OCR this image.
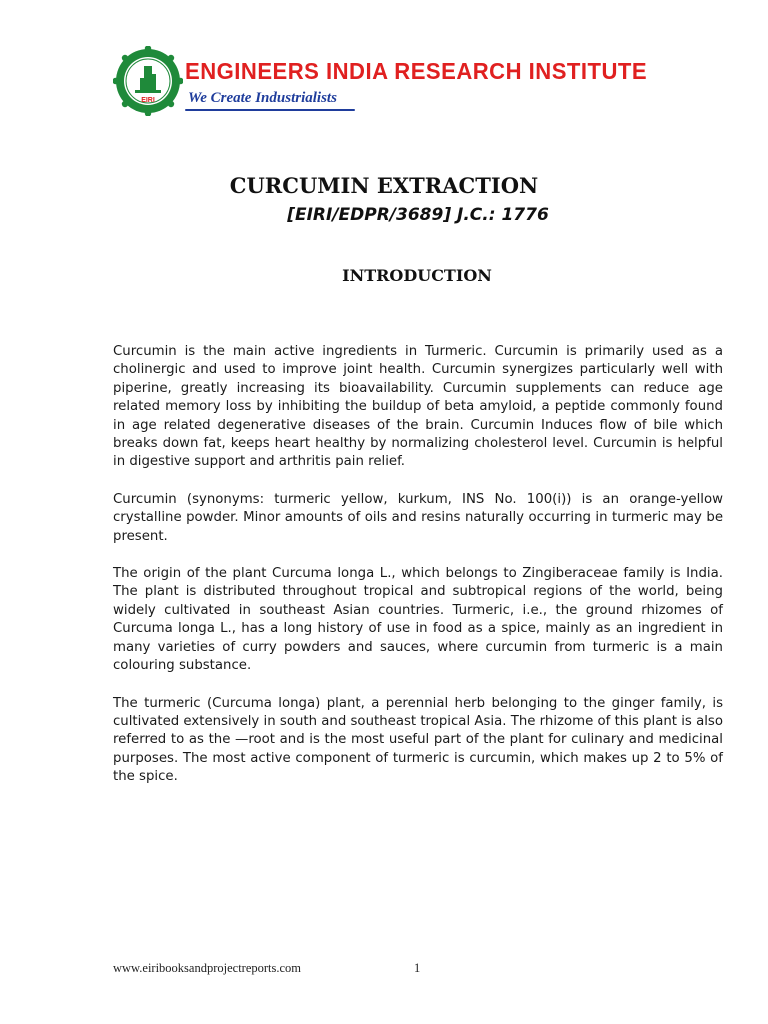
EIRI
ENGINEERS INDIA RESEARCH INSTITUTE
We Create Industrialists
CURCUMIN EXTRACTION
[EIRI/EDPR/3689] J.C.: 1776
INTRODUCTION

Curcumin is the main active ingredients in Turmeric. Curcumin is primarily used as a cholinergic and used to improve joint health. Curcumin synergizes particularly well with piperine, greatly increasing its bioavailability. Curcumin supplements can reduce age related memory loss by inhibiting the buildup of beta amyloid, a peptide commonly found in age related degenerative diseases of the brain. Curcumin Induces flow of bile which breaks down fat, keeps heart healthy by normalizing cholesterol level. Curcumin is helpful in digestive support and arthritis pain relief.

Curcumin (synonyms: turmeric yellow, kurkum, INS No. 100(i)) is an orange-yellow crystalline powder. Minor amounts of oils and resins naturally occurring in turmeric may be present.

The origin of the plant Curcuma longa L., which belongs to Zingiberaceae family is India. The plant is distributed throughout tropical and subtropical regions of the world, being widely cultivated in southeast Asian countries. Turmeric, i.e., the ground rhizomes of Curcuma longa L., has a long history of use in food as a spice, mainly as an ingredient in many varieties of curry powders and sauces, where curcumin from turmeric is a main colouring substance.

The turmeric (Curcuma longa) plant, a perennial herb belonging to the ginger family, is cultivated extensively in south and southeast tropical Asia. The rhizome of this plant is also referred to as the —root and is the most useful part of the plant for culinary and medicinal purposes. The most active component of turmeric is curcumin, which makes up 2 to 5% of the spice.

www.eiribooksandprojectreports.com	1
